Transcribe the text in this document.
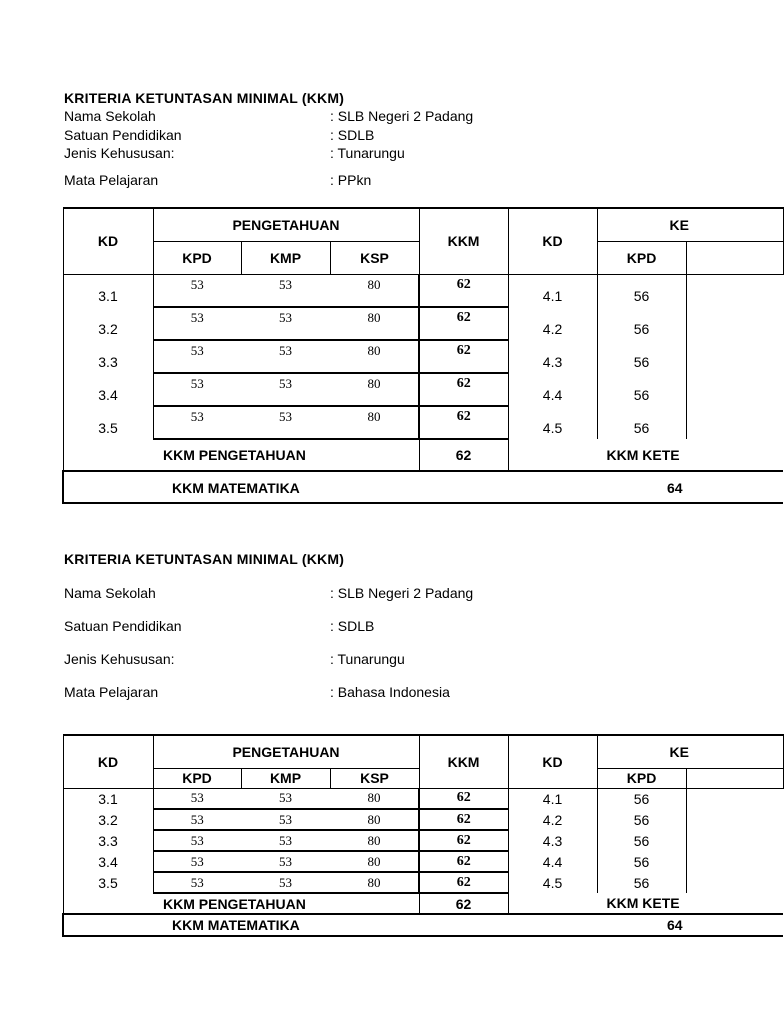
KRITERIA KETUNTASAN MINIMAL (KKM)
Nama Sekolah	: SLB Negeri 2 Padang
Satuan Pendidikan	: SDLB
Jenis Kehususan:	: Tunarungu
Mata Pelajaran	: PPkn
KD	PENGETAHUAN			KKM	KD	KE	
	KPD	KMP	KSP			KPD	
3.1	53	53	80	62	4.1	56	
3.2	53	53	80	62	4.2	56	
3.3	53	53	80	62	4.3	56	
3.4	53	53	80	62	4.4	56	
3.5	53	53	80	62	4.5	56	
	KKM PENGETAHUAN			62	KKM KETE		

KKM MATEMATIKA 64							
KRITERIA KETUNTASAN MINIMAL (KKM)
Nama Sekolah	: SLB Negeri 2 Padang
Satuan Pendidikan	: SDLB
Jenis Kehususan:	: Tunarungu
Mata Pelajaran	: Bahasa Indonesia
KD	PENGETAHUAN			KKM	KD	KE	
	KPD	KMP	KSP			KPD	
3.1	53	53	80	62	4.1	56	
3.2	53	53	80	62	4.2	56	
3.3	53	53	80	62	4.3	56	
3.4	53	53	80	62	4.4	56	
3.5	53	53	80	62	4.5	56	
	KKM PENGETAHUAN			62	KKM KETE		

KKM MATEMATIKA 64							
